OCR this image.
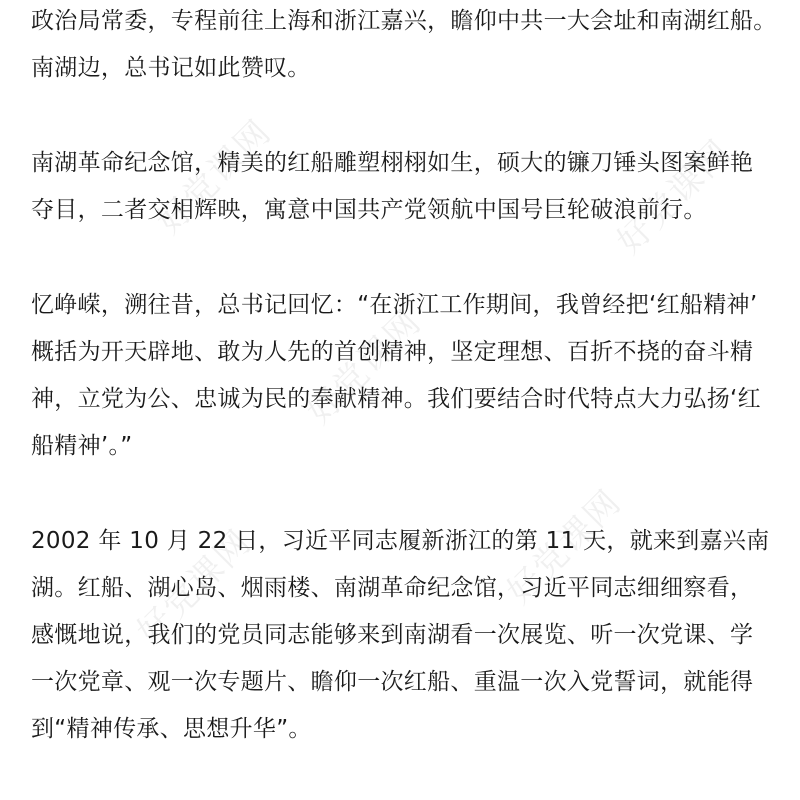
好党课网	好党课网
好党课网
好党课网	好党课网
政治局常委，专程前往上海和浙江嘉兴，瞻仰中共一大会址和南湖红船。
南湖边，总书记如此赞叹。
南湖革命纪念馆，精美的红船雕塑栩栩如生，硕大的镰刀锤头图案鲜艳
夺目，二者交相辉映，寓意中国共产党领航中国号巨轮破浪前行。
忆峥嵘，溯往昔，总书记回忆：“在浙江工作期间，我曾经把‘红船精神’
概括为开天辟地、敢为人先的首创精神，坚定理想、百折不挠的奋斗精
神，立党为公、忠诚为民的奉献精神。我们要结合时代特点大力弘扬‘红
船精神’。”
2002 年 10 月 22 日，习近平同志履新浙江的第 11 天，就来到嘉兴南
湖。红船、湖心岛、烟雨楼、南湖革命纪念馆，习近平同志细细察看，
感慨地说，我们的党员同志能够来到南湖看一次展览、听一次党课、学
一次党章、观一次专题片、瞻仰一次红船、重温一次入党誓词，就能得
到“精神传承、思想升华”。
